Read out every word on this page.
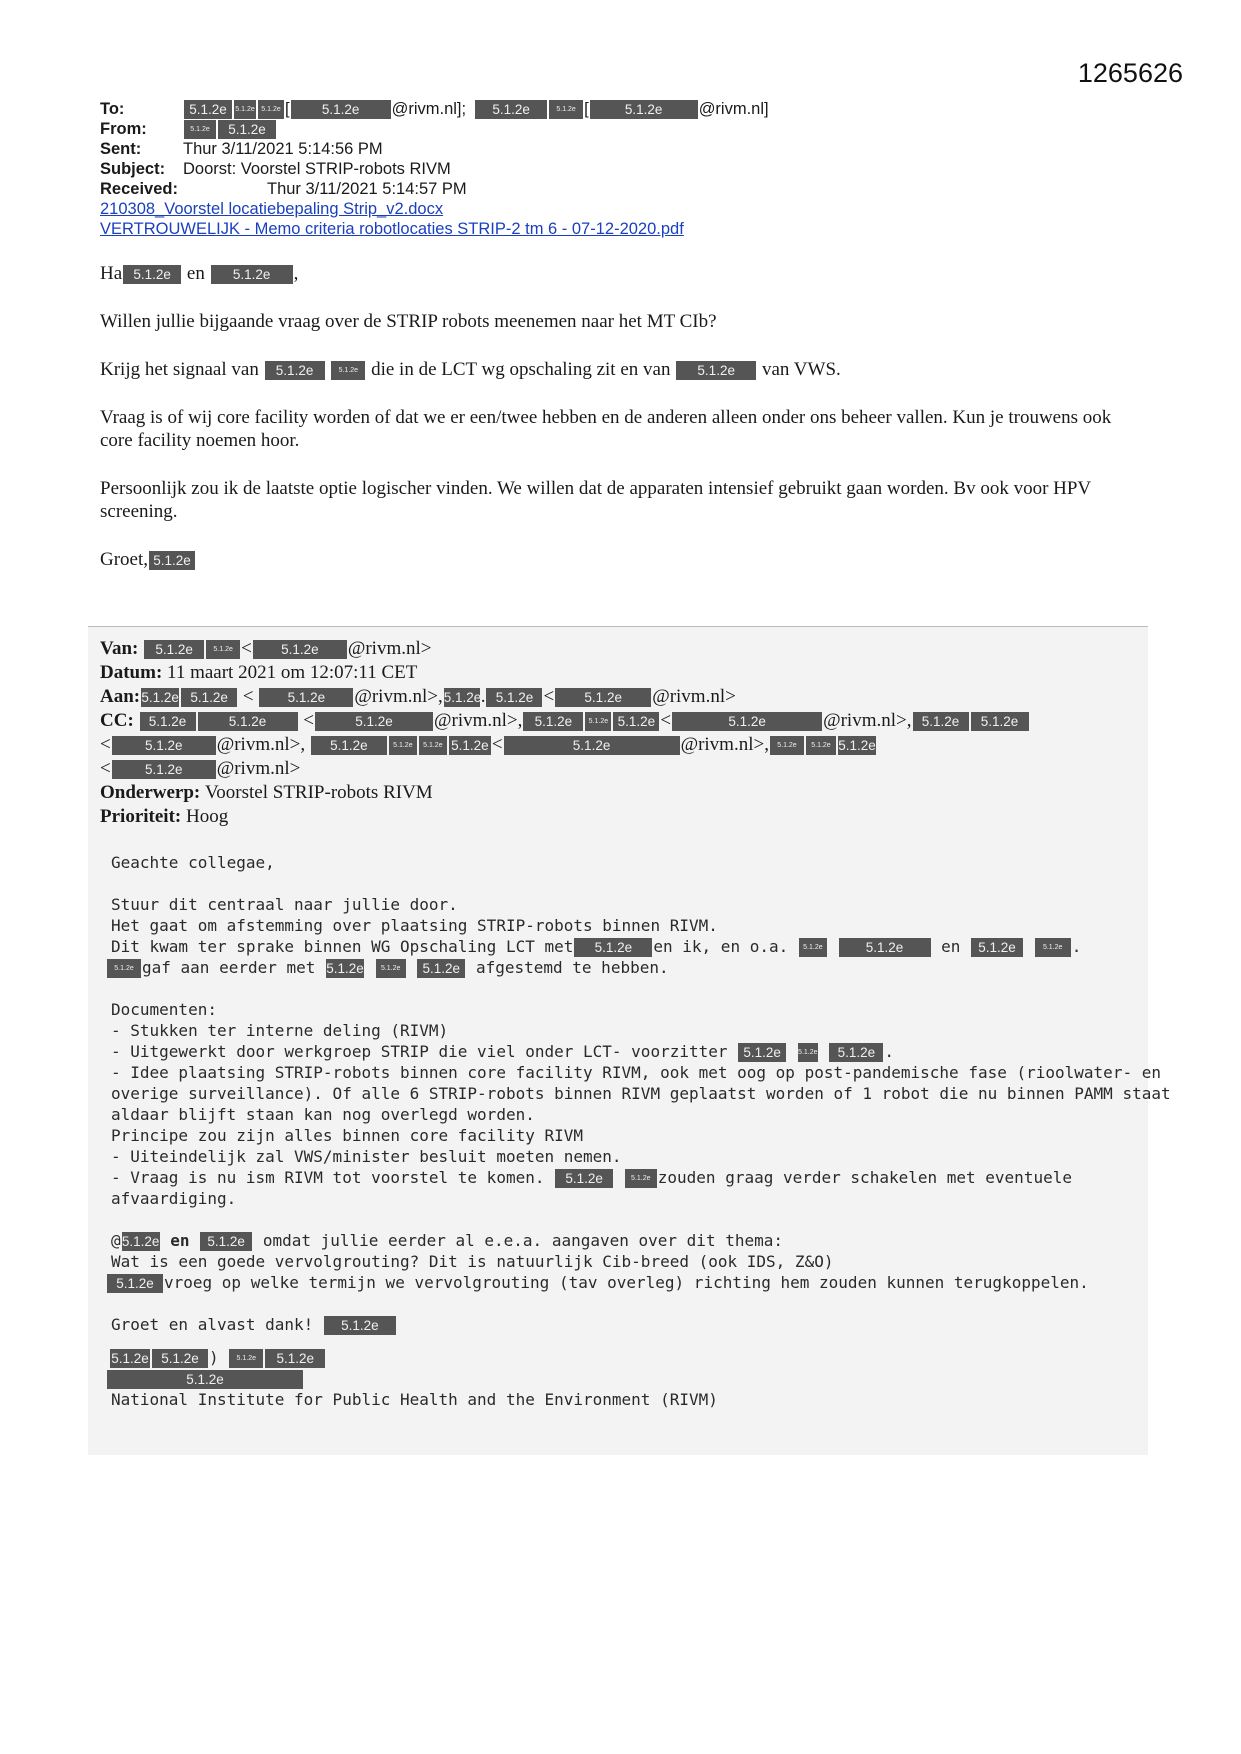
1265626
To:	5.1.2e	5.1.2e 5.1.2e [	5.1.2e	@rivm.nl];	5.1.2e	5.1.2e [	5.1.2e	@rivm.nl]
From:	5.1.2e	5.1.2e
Sent:	Thur 3/11/2021 5:14:56 PM
Subject:	Doorst: Voorstel STRIP-robots RIVM
Received:	Thur 3/11/2021 5:14:57 PM
210308_Voorstel locatiebepaling Strip_v2.docx
VERTROUWELIJK - Memo criteria robotlocaties STRIP-2 tm 6 - 07-12-2020.pdf

Ha 5.1.2e en 5.1.2e ,

Willen jullie bijgaande vraag over de STRIP robots meenemen naar het MT CIb?

Krijg het signaal van 5.1.2e	5.1.2e die in de LCT wg opschaling zit en van 5.1.2e van VWS.

Vraag is of wij core facility worden of dat we er een/twee hebben en de anderen alleen onder ons beheer vallen. Kun je trouwens ook core facility noemen hoor.

Persoonlijk zou ik de laatste optie logischer vinden. We willen dat de apparaten intensief gebruikt gaan worden. Bv ook voor HPV screening.

Groet, 5.1.2e

Van:
	5.1.2e	5.1.2e <	5.1.2e	@rivm.nl>
Datum:
11 maart 2021 om 12:07:11 CET
Aan: 5.1.2e 5.1.2e
<
	5.1.2e	@rivm.nl>, 5.1.2e . 5.1.2e <	5.1.2e	@rivm.nl>
CC:
	5.1.2e	5.1.2e
	<	5.1.2e	@rivm.nl>, 5.1.2e	5.1.2e 5.1.2e <	5.1.2e	@rivm.nl>, 5.1.2e	5.1.2e
<	5.1.2e	@rivm.nl>,
	5.1.2e	5.1.2e	5.1.2e 5.1.2e <	5.1.2e	@rivm.nl>,	5.1.2e	5.1.2e 5.1.2e
<	5.1.2e	@rivm.nl>
Onderwerp:
Voorstel STRIP-robots RIVM
Prioriteit:
Hoog
Geachte collegae,
Stuur dit centraal naar jullie door.
Het gaat om afstemming over plaatsing STRIP-robots binnen RIVM.
Dit kwam ter sprake binnen WG Opschaling LCT met 5.1.2e en ik, en o.a. 5.1.2e	5.1.2e en 5.1.2e	5.1.2e .
5.1.2e gaf aan eerder met 5.1.2e 5.1.2e 5.1.2e afgestemd te hebben.
Documenten:
- Stukken ter interne deling (RIVM)
- Uitgewerkt door werkgroep STRIP die viel onder LCT- voorzitter 5.1.2e 5.1.2e 5.1.2e .
- Idee plaatsing STRIP-robots binnen core facility RIVM, ook met oog op post-pandemische fase (rioolwater- en
overige surveillance). Of alle 6 STRIP-robots binnen RIVM geplaatst worden of 1 robot die nu binnen PAMM staat
aldaar blijft staan kan nog overlegd worden.
Principe zou zijn alles binnen core facility RIVM
- Uiteindelijk zal VWS/minister besluit moeten nemen.
- Vraag is nu ism RIVM tot voorstel te komen. 5.1.2e	5.1.2e zouden graag verder schakelen met eventuele
afvaardiging.
@5.1.2e en 5.1.2e omdat jullie eerder al e.e.a. aangaven over dit thema:
Wat is een goede vervolgrouting? Dit is natuurlijk Cib-breed (ook IDS, Z&O)
5.1.2e vroeg op welke termijn we vervolgrouting (tav overleg) richting hem zouden kunnen terugkoppelen.
Groet en alvast dank! 5.1.2e
5.1.2e 5.1.2e )	5.1.2e 5.1.2e
5.1.2e
National Institute for Public Health and the Environment (RIVM)
